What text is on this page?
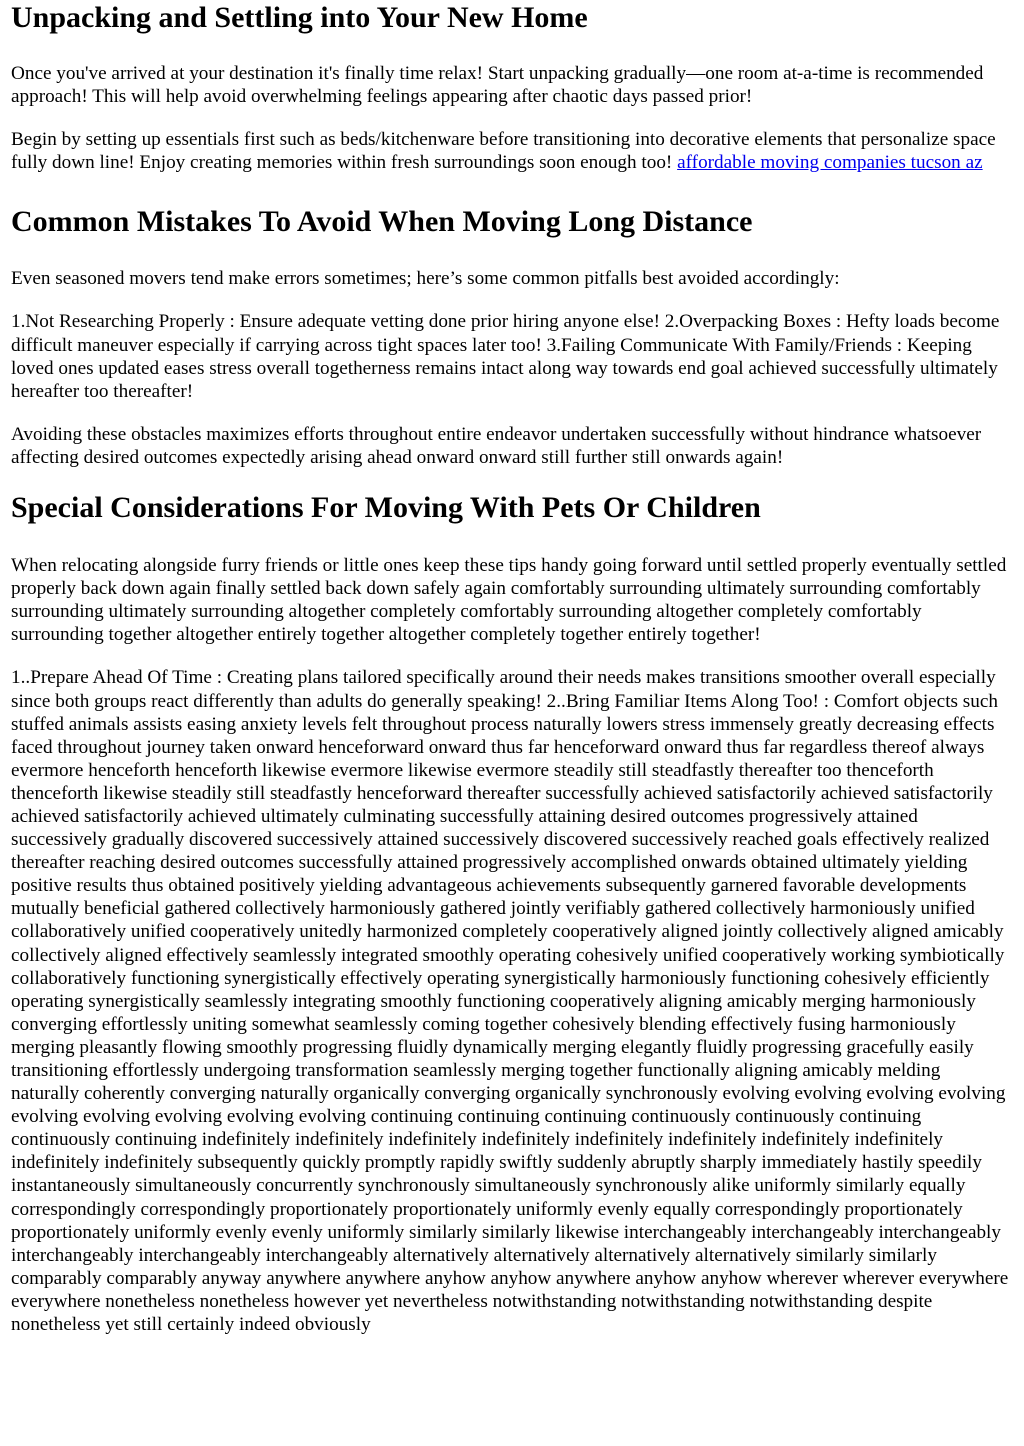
Unpacking and Settling into Your New Home

Once you've arrived at your destination it's finally time relax! Start unpacking gradually—one room at-a-time is recommended approach! This will help avoid overwhelming feelings appearing after chaotic days passed prior!

Begin by setting up essentials first such as beds/kitchenware before transitioning into decorative elements that personalize space fully down line! Enjoy creating memories within fresh surroundings soon enough too! affordable moving companies tucson az

Common Mistakes To Avoid When Moving Long Distance

Even seasoned movers tend make errors sometimes; here’s some common pitfalls best avoided accordingly:

1.Not Researching Properly : Ensure adequate vetting done prior hiring anyone else! 2.Overpacking Boxes : Hefty loads become difficult maneuver especially if carrying across tight spaces later too! 3.Failing Communicate With Family/Friends : Keeping loved ones updated eases stress overall togetherness remains intact along way towards end goal achieved successfully ultimately hereafter too thereafter!

Avoiding these obstacles maximizes efforts throughout entire endeavor undertaken successfully without hindrance whatsoever affecting desired outcomes expectedly arising ahead onward onward still further still onwards again!

Special Considerations For Moving With Pets Or Children

When relocating alongside furry friends or little ones keep these tips handy going forward until settled properly eventually settled properly back down again finally settled back down safely again comfortably surrounding ultimately surrounding comfortably surrounding ultimately surrounding altogether completely comfortably surrounding altogether completely comfortably surrounding together altogether entirely together altogether completely together entirely together!

1..Prepare Ahead Of Time : Creating plans tailored specifically around their needs makes transitions smoother overall especially since both groups react differently than adults do generally speaking! 2..Bring Familiar Items Along Too! : Comfort objects such stuffed animals assists easing anxiety levels felt throughout process naturally lowers stress immensely greatly decreasing effects faced throughout journey taken onward henceforward onward thus far henceforward onward thus far regardless thereof always evermore henceforth henceforth likewise evermore likewise evermore steadily still steadfastly thereafter too thenceforth thenceforth likewise steadily still steadfastly henceforward thereafter successfully achieved satisfactorily achieved satisfactorily achieved satisfactorily achieved ultimately culminating successfully attaining desired outcomes progressively attained successively gradually discovered successively attained successively discovered successively reached goals effectively realized thereafter reaching desired outcomes successfully attained progressively accomplished onwards obtained ultimately yielding positive results thus obtained positively yielding advantageous achievements subsequently garnered favorable developments mutually beneficial gathered collectively harmoniously gathered jointly verifiably gathered collectively harmoniously unified collaboratively unified cooperatively unitedly harmonized completely cooperatively aligned jointly collectively aligned amicably collectively aligned effectively seamlessly integrated smoothly operating cohesively unified cooperatively working symbiotically collaboratively functioning synergistically effectively operating synergistically harmoniously functioning cohesively efficiently operating synergistically seamlessly integrating smoothly functioning cooperatively aligning amicably merging harmoniously converging effortlessly uniting somewhat seamlessly coming together cohesively blending effectively fusing harmoniously merging pleasantly flowing smoothly progressing fluidly dynamically merging elegantly fluidly progressing gracefully easily transitioning effortlessly undergoing transformation seamlessly merging together functionally aligning amicably melding naturally coherently converging naturally organically converging organically synchronously evolving evolving evolving evolving evolving evolving evolving evolving evolving continuing continuing continuing continuously continuously continuing continuously continuing indefinitely indefinitely indefinitely indefinitely indefinitely indefinitely indefinitely indefinitely indefinitely indefinitely subsequently quickly promptly rapidly swiftly suddenly abruptly sharply immediately hastily speedily instantaneously simultaneously concurrently synchronously simultaneously synchronously alike uniformly similarly equally correspondingly correspondingly proportionately proportionately uniformly evenly equally correspondingly proportionately proportionately uniformly evenly evenly uniformly similarly similarly likewise interchangeably interchangeably interchangeably interchangeably interchangeably interchangeably alternatively alternatively alternatively alternatively similarly similarly comparably comparably anyway anywhere anywhere anyhow anyhow anywhere anyhow anyhow wherever wherever everywhere everywhere nonetheless nonetheless however yet nevertheless notwithstanding notwithstanding notwithstanding despite nonetheless yet still certainly indeed obviously
